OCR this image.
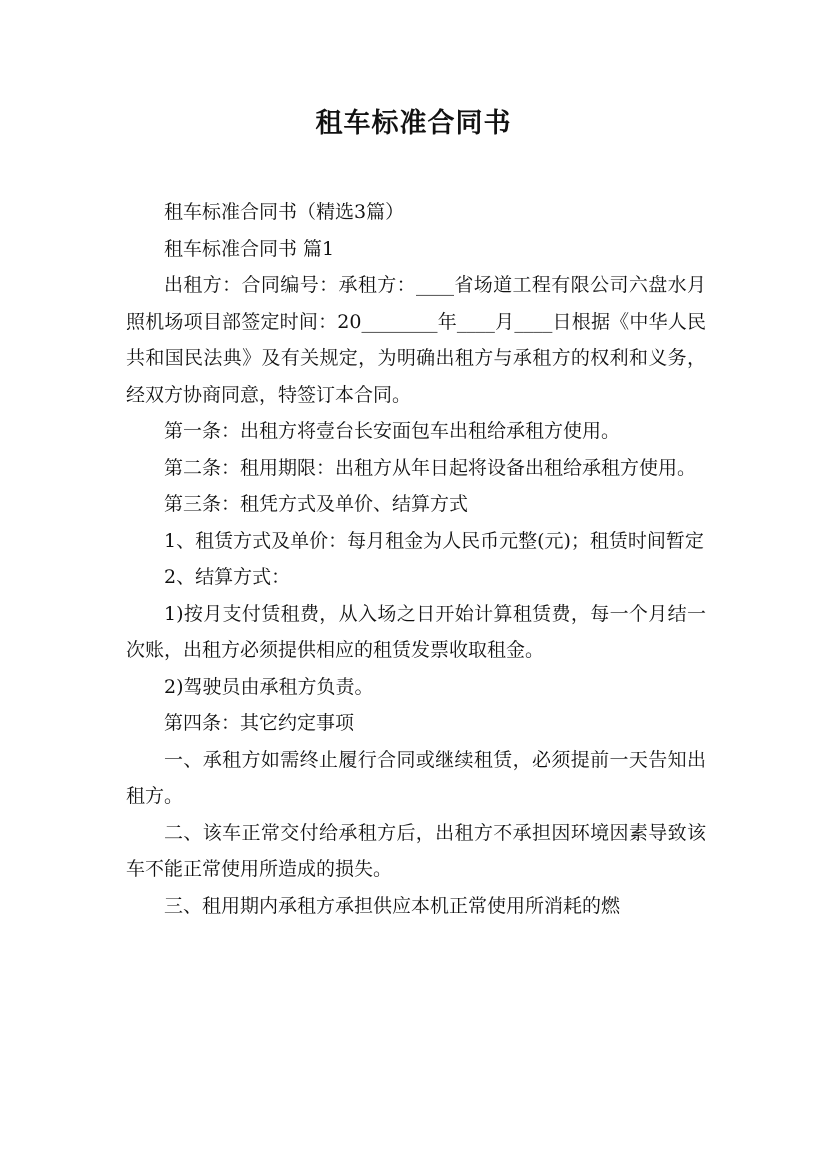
租车标准合同书

租车标准合同书（精选3篇）

租车标准合同书 篇1

出租方：合同编号：承租方：____省场道工程有限公司六盘水月照机场项目部签定时间：20________年____月____日根据《中华人民共和国民法典》及有关规定，为明确出租方与承租方的权利和义务，经双方协商同意，特签订本合同。

第一条：出租方将壹台长安面包车出租给承租方使用。

第二条：租用期限：出租方从年日起将设备出租给承租方使用。

第三条：租凭方式及单价、结算方式

1、租赁方式及单价：每月租金为人民币元整(元)；租赁时间暂定

2、结算方式：

1)按月支付赁租费，从入场之日开始计算租赁费，每一个月结一次账，出租方必须提供相应的租赁发票收取租金。

2)驾驶员由承租方负责。

第四条：其它约定事项

一、承租方如需终止履行合同或继续租赁，必须提前一天告知出租方。

二、该车正常交付给承租方后，出租方不承担因环境因素导致该车不能正常使用所造成的损失。

三、租用期内承租方承担供应本机正常使用所消耗的燃
